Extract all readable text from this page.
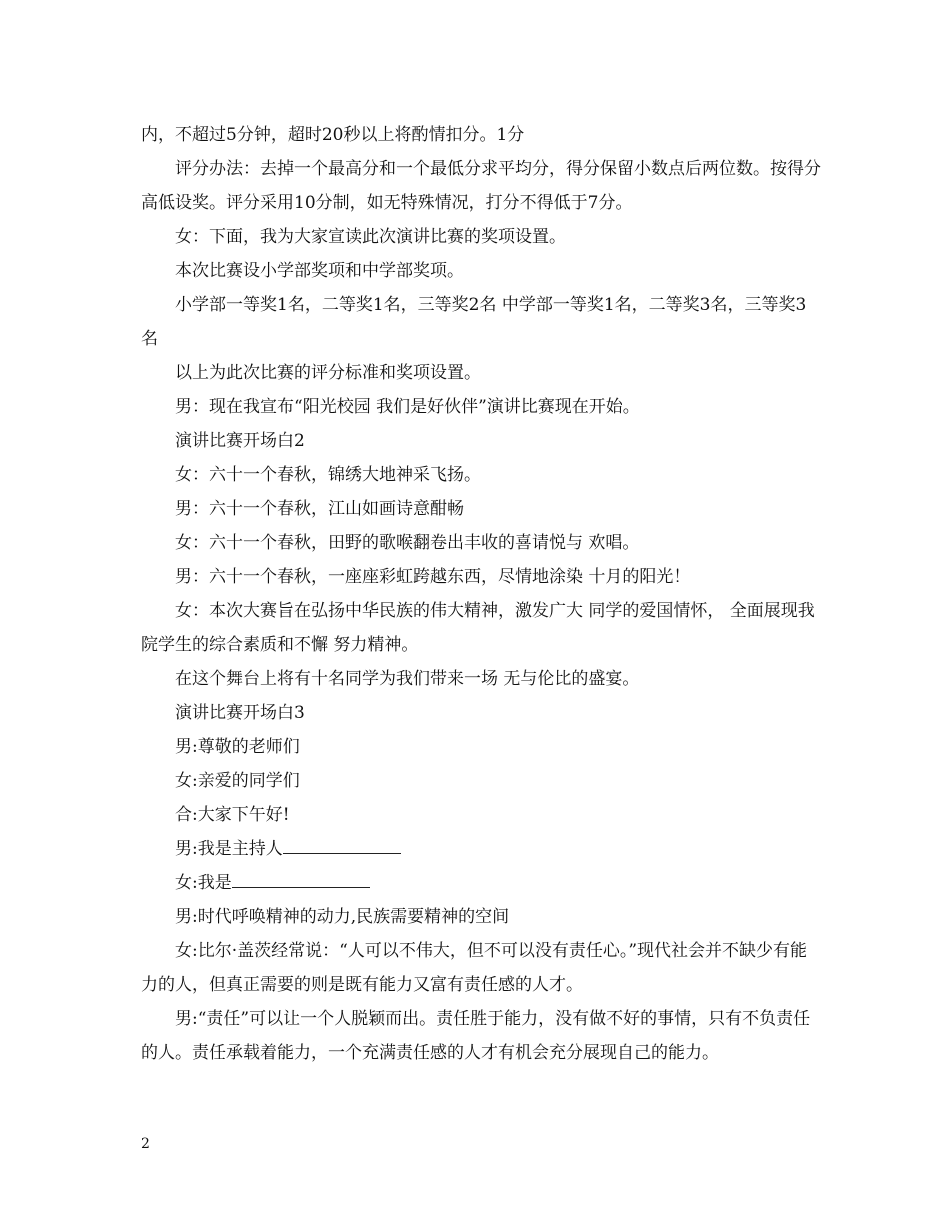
内，不超过5分钟，超时20秒以上将酌情扣分。1分

评分办法：去掉一个最高分和一个最低分求平均分，得分保留小数点后两位数。按得分高低设奖。评分采用10分制，如无特殊情况，打分不得低于7分。

女：下面，我为大家宣读此次演讲比赛的奖项设置。

本次比赛设小学部奖项和中学部奖项。

小学部一等奖1名，二等奖1名，三等奖2名 中学部一等奖1名，二等奖3名，三等奖3名

以上为此次比赛的评分标准和奖项设置。

男：现在我宣布“阳光校园 我们是好伙伴”演讲比赛现在开始。

演讲比赛开场白2

女：六十一个春秋，锦绣大地神采飞扬。

男：六十一个春秋，江山如画诗意酣畅

女：六十一个春秋，田野的歌喉翻卷出丰收的喜请悦与 欢唱。

男：六十一个春秋，一座座彩虹跨越东西，尽情地涂染 十月的阳光！

女：本次大赛旨在弘扬中华民族的伟大精神，激发广大 同学的爱国情怀， 全面展现我院学生的综合素质和不懈 努力精神。

在这个舞台上将有十名同学为我们带来一场 无与伦比的盛宴。

演讲比赛开场白3

男:尊敬的老师们

女:亲爱的同学们

合:大家下午好!

男:我是主持人

女:我是

男:时代呼唤精神的动力,民族需要精神的空间

女:比尔·盖茨经常说：“人可以不伟大，但不可以没有责任心。”现代社会并不缺少有能力的人，但真正需要的则是既有能力又富有责任感的人才。

男:“责任”可以让一个人脱颖而出。责任胜于能力，没有做不好的事情，只有不负责任的人。责任承载着能力，一个充满责任感的人才有机会充分展现自己的能力。

2
